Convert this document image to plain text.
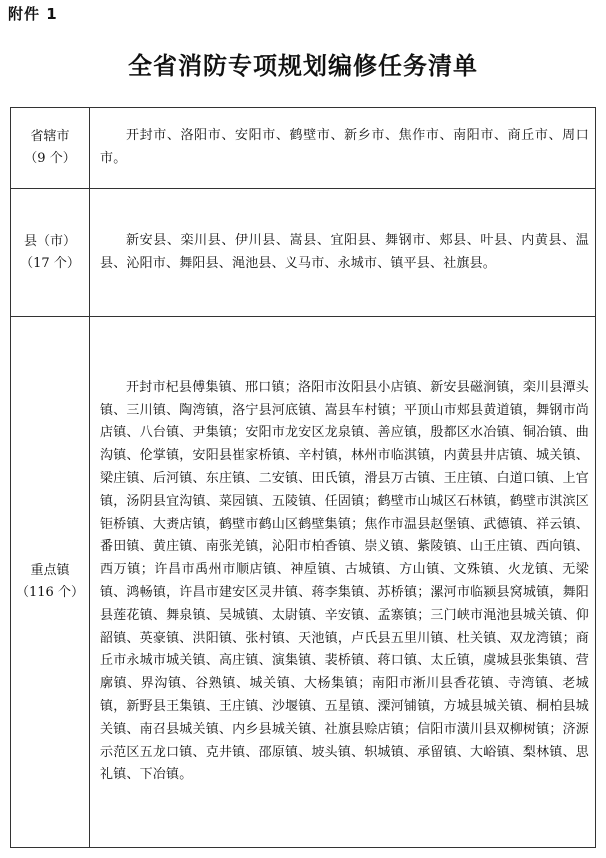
附件 1
全省消防专项规划编修任务清单
省辖市
（9 个）	开封市、洛阳市、安阳市、鹤壁市、新乡市、焦作市、南阳市、商丘市、周口市。

县（市）
（17 个）	新安县、栾川县、伊川县、嵩县、宜阳县、舞钢市、郏县、叶县、内黄县、温县、沁阳市、舞阳县、渑池县、义马市、永城市、镇平县、社旗县。

重点镇
（116 个）	开封市杞县傅集镇、邢口镇；洛阳市汝阳县小店镇、新安县磁涧镇，栾川县潭头镇、三川镇、陶湾镇，洛宁县河底镇、嵩县车村镇；平顶山市郏县黄道镇，舞钢市尚店镇、八台镇、尹集镇；安阳市龙安区龙泉镇、善应镇，殷都区水冶镇、铜冶镇、曲沟镇、伦掌镇，安阳县崔家桥镇、辛村镇，林州市临淇镇，内黄县井店镇、城关镇、梁庄镇、后河镇、东庄镇、二安镇、田氏镇，滑县万古镇、王庄镇、白道口镇、上官镇，汤阴县宜沟镇、菜园镇、五陵镇、任固镇；鹤壁市山城区石林镇，鹤壁市淇滨区钜桥镇、大赉店镇，鹤壁市鹤山区鹤壁集镇；焦作市温县赵堡镇、武德镇、祥云镇、番田镇、黄庄镇、南张羌镇，沁阳市柏香镇、崇义镇、紫陵镇、山王庄镇、西向镇、西万镇；许昌市禹州市顺店镇、神垕镇、古城镇、方山镇、文殊镇、火龙镇、无梁镇、鸿畅镇，许昌市建安区灵井镇、蒋李集镇、苏桥镇；漯河市临颍县窝城镇，舞阳县莲花镇、舞泉镇、吴城镇、太尉镇、辛安镇、孟寨镇；三门峡市渑池县城关镇、仰韶镇、英豪镇、洪阳镇、张村镇、天池镇，卢氏县五里川镇、杜关镇、双龙湾镇；商丘市永城市城关镇、高庄镇、演集镇、裴桥镇、蒋口镇、太丘镇，虞城县张集镇、营廓镇、界沟镇、谷熟镇、城关镇、大杨集镇；南阳市淅川县香花镇、寺湾镇、老城镇，新野县王集镇、王庄镇、沙堰镇、五星镇、溧河铺镇，方城县城关镇、桐柏县城关镇、南召县城关镇、内乡县城关镇、社旗县赊店镇；信阳市潢川县双柳树镇；济源示范区五龙口镇、克井镇、邵原镇、坡头镇、轵城镇、承留镇、大峪镇、梨林镇、思礼镇、下冶镇。
